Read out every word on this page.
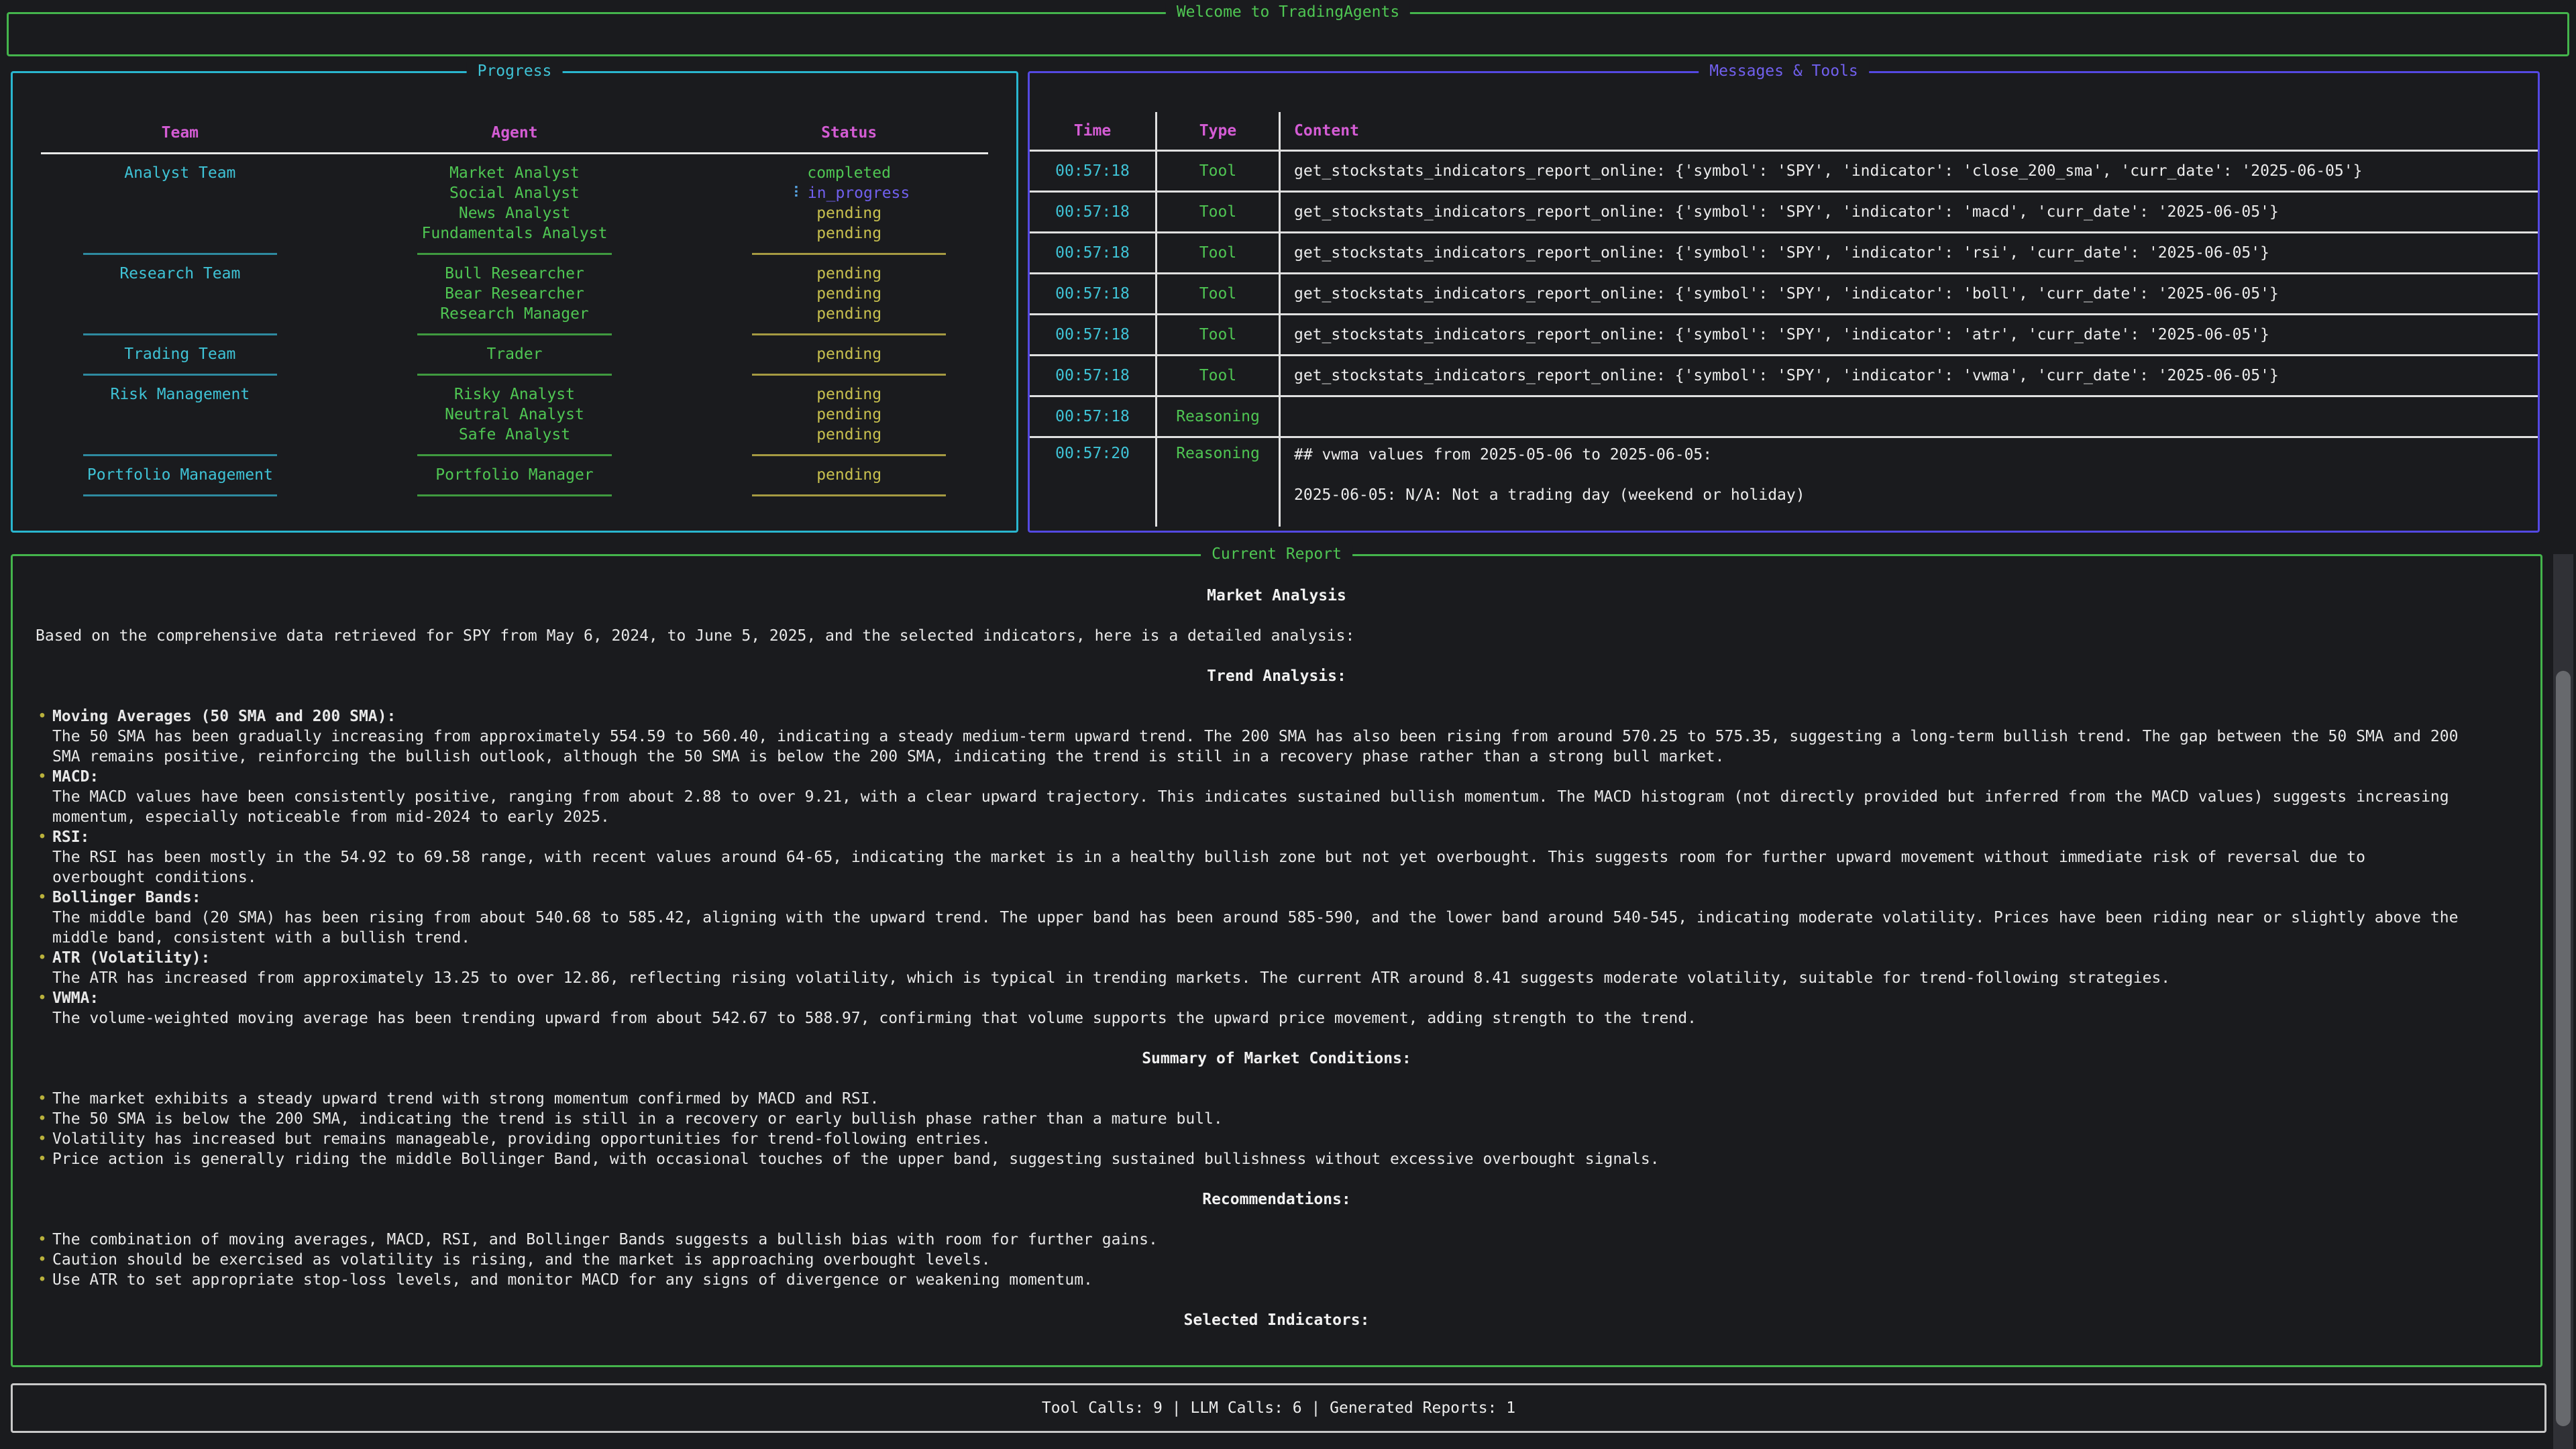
Welcome to TradingAgents
Progress
Team	Agent	Status
Analyst Team	Market Analyst	completed
Social Analyst	⠸ in_progress
News Analyst	pending
Fundamentals Analyst	pending
Research Team	Bull Researcher	pending
Bear Researcher	pending
Research Manager	pending
Trading Team	Trader	pending
Risk Management	Risky Analyst	pending
Neutral Analyst	pending
Safe Analyst	pending
Portfolio Management	Portfolio Manager	pending
Messages & Tools
Time	Type	Content
00:57:18	Tool	get_stockstats_indicators_report_online: {'symbol': 'SPY', 'indicator': 'close_200_sma', 'curr_date': '2025-06-05'}
00:57:18	Tool	get_stockstats_indicators_report_online: {'symbol': 'SPY', 'indicator': 'macd', 'curr_date': '2025-06-05'}
00:57:18	Tool	get_stockstats_indicators_report_online: {'symbol': 'SPY', 'indicator': 'rsi', 'curr_date': '2025-06-05'}
00:57:18	Tool	get_stockstats_indicators_report_online: {'symbol': 'SPY', 'indicator': 'boll', 'curr_date': '2025-06-05'}
00:57:18	Tool	get_stockstats_indicators_report_online: {'symbol': 'SPY', 'indicator': 'atr', 'curr_date': '2025-06-05'}
00:57:18	Tool	get_stockstats_indicators_report_online: {'symbol': 'SPY', 'indicator': 'vwma', 'curr_date': '2025-06-05'}
00:57:18	Reasoning
00:57:20	Reasoning	## vwma values from 2025-05-06 to 2025-06-05:
2025-06-05: N/A: Not a trading day (weekend or holiday)
Current Report
Market Analysis

Based on the comprehensive data retrieved for SPY from May 6, 2024, to June 5, 2025, and the selected indicators, here is a detailed analysis:

Trend Analysis:
• Moving Averages (50 SMA and 200 SMA):
The 50 SMA has been gradually increasing from approximately 554.59 to 560.40, indicating a steady medium-term upward trend. The 200 SMA has also been rising from around 570.25 to 575.35, suggesting a long-term bullish trend. The gap between the 50 SMA and 200 SMA remains positive, reinforcing the bullish outlook, although the 50 SMA is below the 200 SMA, indicating the trend is still in a recovery phase rather than a strong bull market.
• MACD:
The MACD values have been consistently positive, ranging from about 2.88 to over 9.21, with a clear upward trajectory. This indicates sustained bullish momentum. The MACD histogram (not directly provided but inferred from the MACD values) suggests increasing momentum, especially noticeable from mid-2024 to early 2025.
• RSI:
The RSI has been mostly in the 54.92 to 69.58 range, with recent values around 64-65, indicating the market is in a healthy bullish zone but not yet overbought. This suggests room for further upward movement without immediate risk of reversal due to overbought conditions.
• Bollinger Bands:
The middle band (20 SMA) has been rising from about 540.68 to 585.42, aligning with the upward trend. The upper band has been around 585-590, and the lower band around 540-545, indicating moderate volatility. Prices have been riding near or slightly above the middle band, consistent with a bullish trend.
• ATR (Volatility):
The ATR has increased from approximately 13.25 to over 12.86, reflecting rising volatility, which is typical in trending markets. The current ATR around 8.41 suggests moderate volatility, suitable for trend-following strategies.
• VWMA:
The volume-weighted moving average has been trending upward from about 542.67 to 588.97, confirming that volume supports the upward price movement, adding strength to the trend.
Summary of Market Conditions:
• The market exhibits a steady upward trend with strong momentum confirmed by MACD and RSI.
• The 50 SMA is below the 200 SMA, indicating the trend is still in a recovery or early bullish phase rather than a mature bull.
• Volatility has increased but remains manageable, providing opportunities for trend-following entries.
• Price action is generally riding the middle Bollinger Band, with occasional touches of the upper band, suggesting sustained bullishness without excessive overbought signals.
Recommendations:
• The combination of moving averages, MACD, RSI, and Bollinger Bands suggests a bullish bias with room for further gains.
• Caution should be exercised as volatility is rising, and the market is approaching overbought levels.
• Use ATR to set appropriate stop-loss levels, and monitor MACD for any signs of divergence or weakening momentum.
Selected Indicators:
Tool Calls: 9 | LLM Calls: 6 | Generated Reports: 1
